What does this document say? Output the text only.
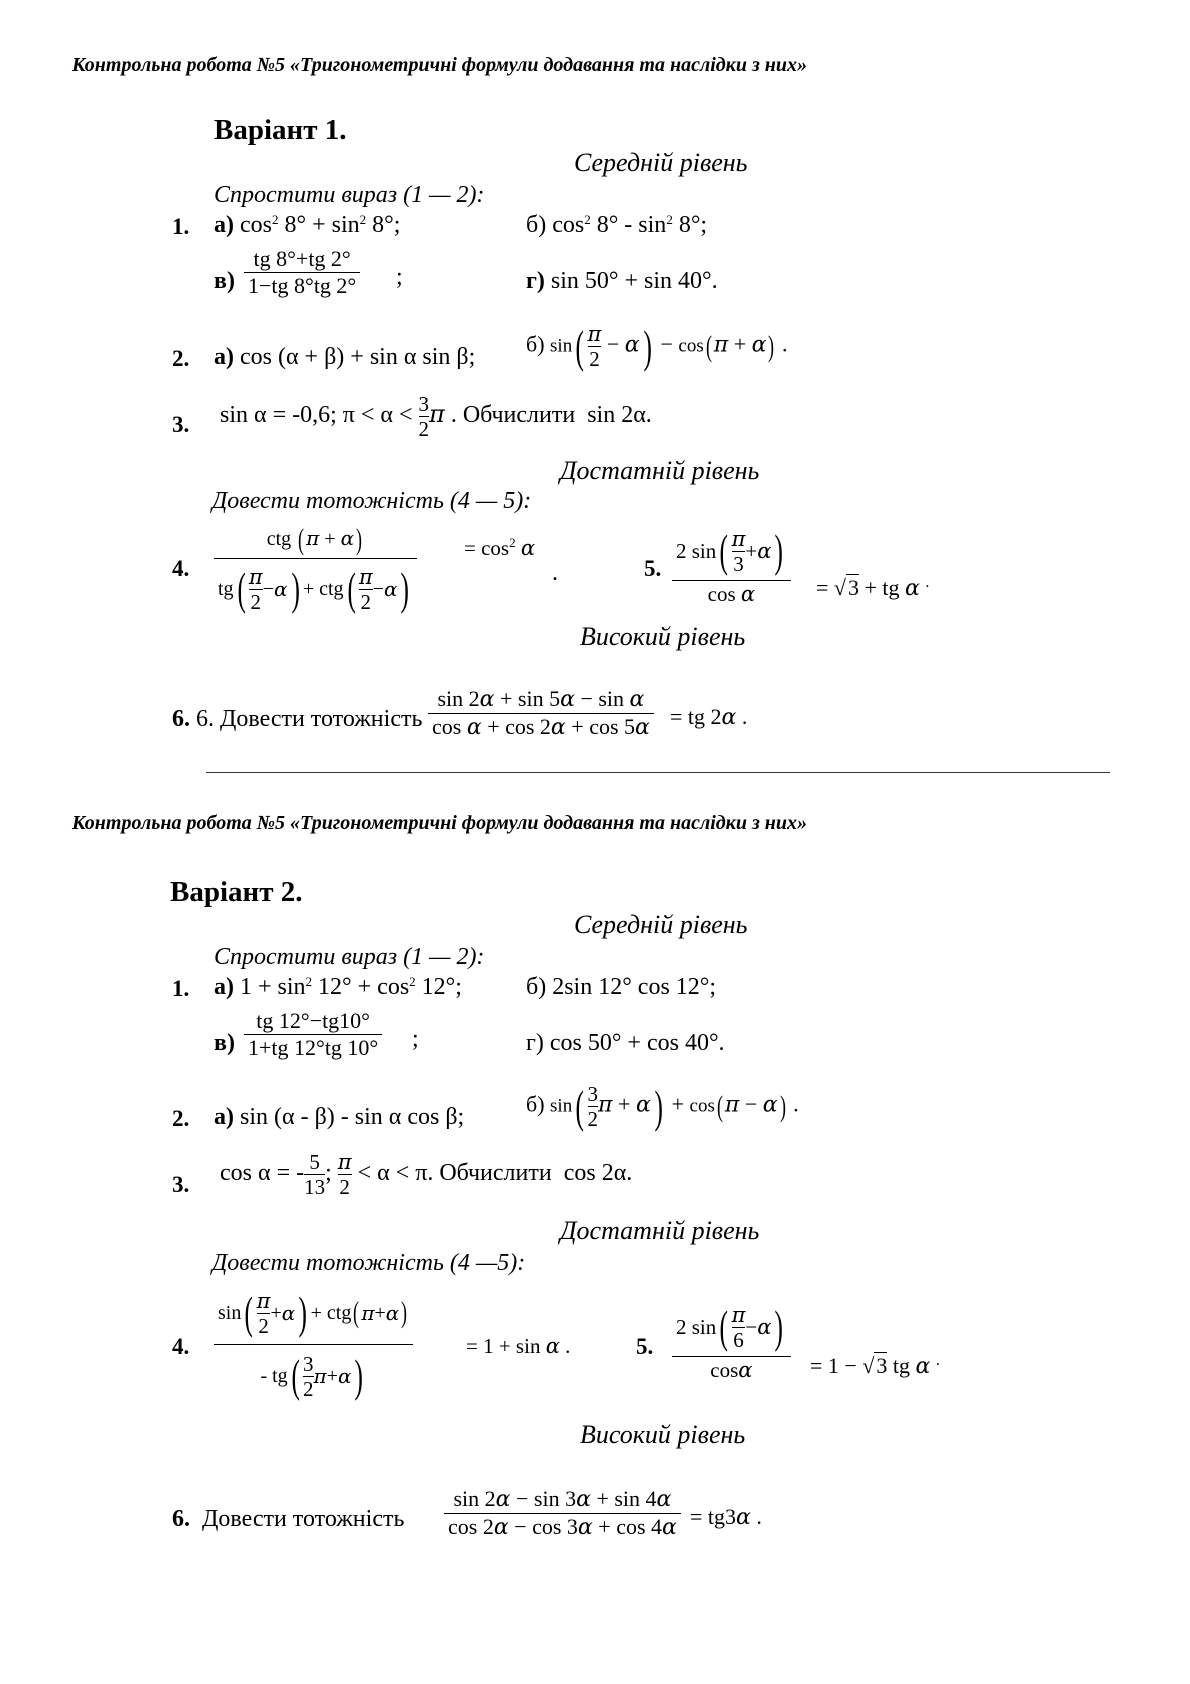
Контрольна робота №5 «Тригонометричні формули додавання та наслідки з них»
Варіант 1.
Середній рівень
Спростити вираз (1 — 2):
1. а) $\cos^2 8^\circ + \sin^2 8^\circ$;	б) $\cos^2 8^\circ - \sin^2 8^\circ$;
в)
tg 8°+tg 2°
1−tg 8°tg 2° ;	г) sin 50° + sin 40°.
2. а) cos (α + β) + sin α sin β; б) $\sin( \frac{\pi}{2} - \alpha) - \cos(\pi + \alpha)$ .
3. sin α = -0,6; $\pi < \alpha < \frac{3}{2}$ π . Обчислити sin 2α.
Достатній рівень
Довести тотожність (4 — 5):
4.
ctg ( π + α)
tg ( π
2
− α ) + ctg ( π
2
− α )
= $\cos^2 \alpha$
.	5.
2 sin ( π
3
+ α )
cos α	= √3 + tg α .
Високий рівень
6. 6. Довести тотожність
sin 2α + sin 5α − sin α
cos α + cos 2α + cos 5α = tg 2α .
Контрольна робота №5 «Тригонометричні формули додавання та наслідки з них»
Варіант 2.
Середній рівень
Спростити вираз (1 — 2):
1. а) $1 + \sin^2 12^\circ + \cos^2 12^\circ$;	б) 2sin 12° cos 12°;
в)
tg 12°−tg10°
1+tg 12°tg 10° ;	г) cos 50° + cos 40°.
2. а) sin (α - β) - sin α cos β;	б) $\sin( \frac{3}{2}$ π + α) + cos(π − α) .
3. cos α = - $\frac{5}{13}$ ; $\frac{\pi}{2} < \alpha < \pi$. Обчислити cos 2α.
Достатній рівень
Довести тотожність (4 —5):
4.
sin ( π
2
+ α ) + ctg ( π + α )
- tg ( 3
2
π + α )
= 1 + sin α .	5.
2 sin ( π
6
− α )
cosα	= 1 − √3 tg α .
Високий рівень
6. Довести тотожність
sin 2α − sin 3α + sin 4α
cos 2α − cos 3α + cos 4α = tg3α .
